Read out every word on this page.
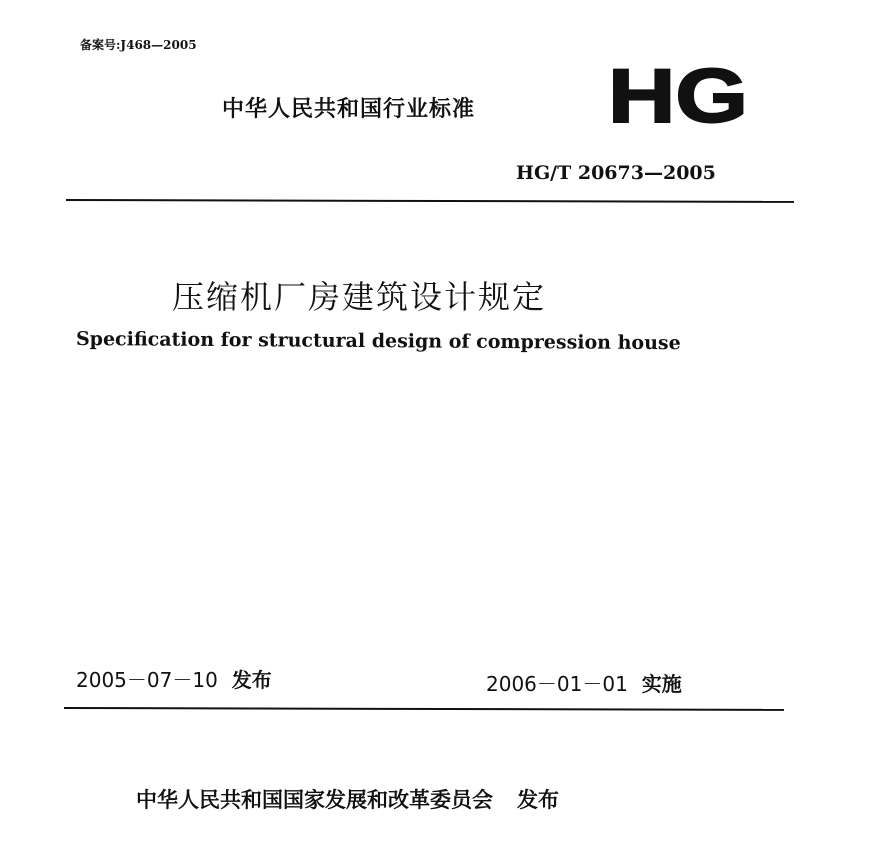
备案号:J468—2005
中华人民共和国行业标准 HG
HG/T 20673—2005
压缩机厂房建筑设计规定
Specification for structural design of compression house
2005－07－10 发布	2006－01－01 实施
中华人民共和国国家发展和改革委员会 发布
